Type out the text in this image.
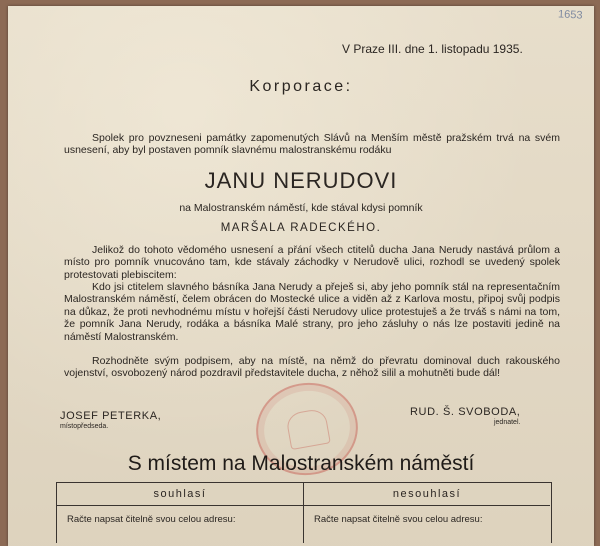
1653
V Praze III. dne 1. listopadu 1935.
Korporace:
Spolek pro povzneseni památky zapomenutých Slávů na Menším městě pražském trvá na svém usnesení, aby byl postaven pomník slavnému malostranskému rodáku
JANU NERUDOVI
na Malostranském náměstí, kde stával kdysi pomník
MARŠALA RADECKÉHO.
Jelikož do tohoto vědomého usnesení a přání všech ctitelů ducha Jana Nerudy nastává průlom a místo pro pomník vnucováno tam, kde stávaly záchodky v Nerudově ulici, rozhodl se uvedený spolek protestovati plebiscitem:
Kdo jsi ctitelem slavného básníka Jana Nerudy a přeješ si, aby jeho pomník stál na representačním Malostranském náměstí, čelem obrácen do Mostecké ulice a viděn až z Karlova mostu, připoj svůj podpis na důkaz, že proti nevhodnému místu v hořejší části Nerudovy ulice protestuješ a že trváš s námi na tom, že pomník Jana Nerudy, rodáka a básníka Malé strany, pro jeho zásluhy o nás lze postaviti jedině na náměstí Malostranském.
Rozhodněte svým podpisem, aby na místě, na němž do převratu dominoval duch rakouského vojenství, osvobozený národ pozdravil představitele ducha, z něhož silil a mohutněti bude dál!
JOSEF PETERKA,
místopředseda.
RUD. Š. SVOBODA,
jednatel.
S místem na Malostranském náměstí
souhlasí
Račte napsat čitelně svou celou adresu:
nesouhlasí
Račte napsat čitelně svou celou adresu:
